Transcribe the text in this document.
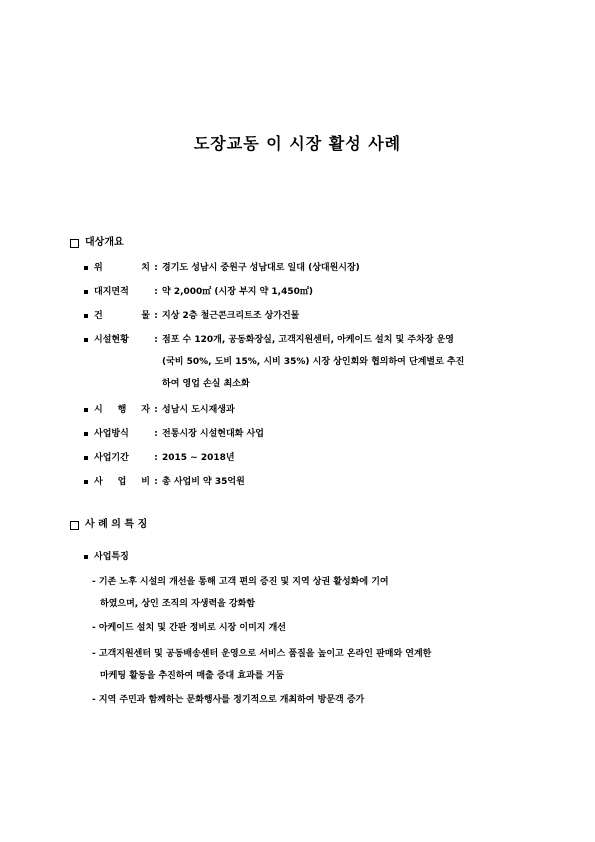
도장교동 이 시장 활성 사례
대상개요
위 치 : 경기도 성남시 중원구 성남대로 일대 (상대원시장)
대지면적	: 약 2,000㎡ (시장 부지 약 1,450㎡)
건 물 : 지상 2층 철근콘크리트조 상가건물
시설현황	: 점포 수 120개, 공동화장실, 고객지원센터, 아케이드 설치 및 주차장 운영
(국비 50%, 도비 15%, 시비 35%) 시장 상인회와 협의하여 단계별로 추진
하여 영업 손실 최소화
시 행 자 : 성남시 도시재생과
사업방식	: 전통시장 시설현대화 사업
사업기간	: 2015 ~ 2018년
사 업 비 : 총 사업비 약 35억원
사 례 의 특 징
사업특징
- 기존 노후 시설의 개선을 통해 고객 편의 증진 및 지역 상권 활성화에 기여
하였으며, 상인 조직의 자생력을 강화함
- 아케이드 설치 및 간판 정비로 시장 이미지 개선
- 고객지원센터 및 공동배송센터 운영으로 서비스 품질을 높이고 온라인 판매와 연계한
마케팅 활동을 추진하여 매출 증대 효과를 거둠
- 지역 주민과 함께하는 문화행사를 정기적으로 개최하여 방문객 증가
